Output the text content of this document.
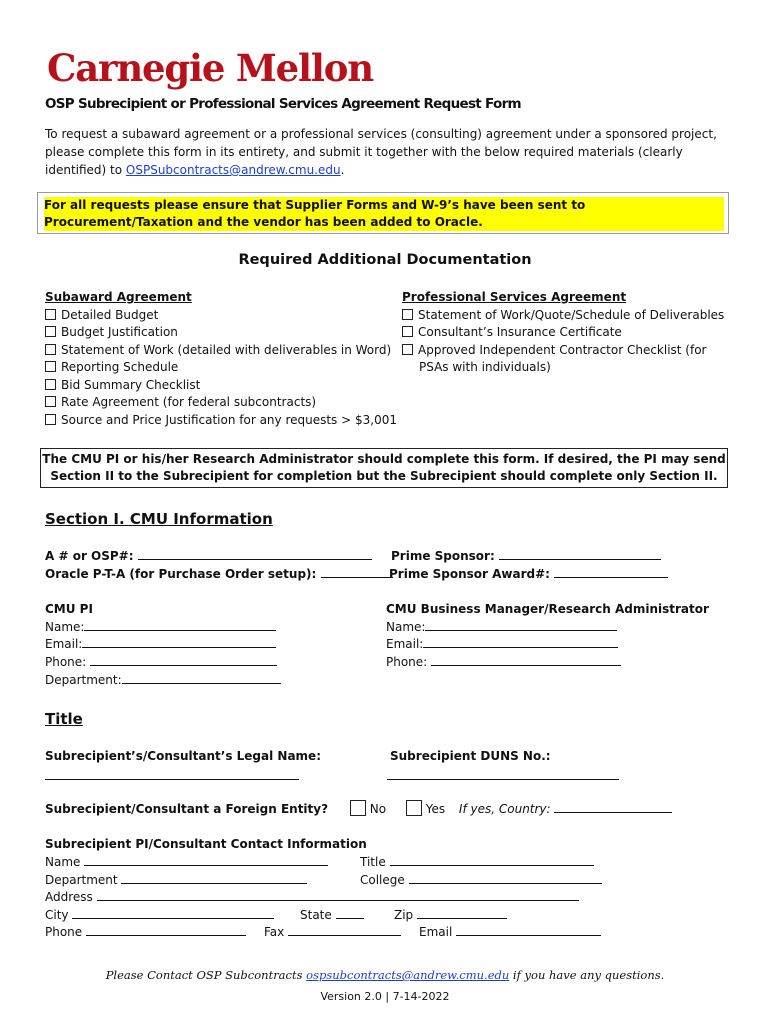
Carnegie Mellon
OSP Subrecipient or Professional Services Agreement Request Form
To request a subaward agreement or a professional services (consulting) agreement under a sponsored project, please complete this form in its entirety, and submit it together with the below required materials (clearly identified) to OSPSubcontracts@andrew.cmu.edu.
For all requests please ensure that Supplier Forms and W-9’s have been sent to Procurement/Taxation and the vendor has been added to Oracle.
Required Additional Documentation
Subaward Agreement
Detailed Budget
Budget Justification
Statement of Work (detailed with deliverables in Word)
Reporting Schedule
Bid Summary Checklist
Rate Agreement (for federal subcontracts)
Source and Price Justification for any requests > $3,001
Professional Services Agreement
Statement of Work/Quote/Schedule of Deliverables
Consultant’s Insurance Certificate
Approved Independent Contractor Checklist (for
PSAs with individuals)
The CMU PI or his/her Research Administrator should complete this form. If desired, the PI may send
Section II to the Subrecipient for completion but the Subrecipient should complete only Section II.
Section I. CMU Information
A # or OSP#:
Oracle P-T-A (for Purchase Order setup):
Prime Sponsor:
Prime Sponsor Award#:
CMU PI
Name:
Email:
Phone:
Department:
CMU Business Manager/Research Administrator
Name:
Email:
Phone:
Title
Subrecipient’s/Consultant’s Legal Name:	Subrecipient DUNS No.:
Subrecipient/Consultant a Foreign Entity?	No	Yes If yes, Country:
Subrecipient PI/Consultant Contact Information
Name	Title
Department	College
Address
City	State	Zip
Phone	Fax	Email
Please Contact OSP Subcontracts ospsubcontracts@andrew.cmu.edu if you have any questions.
Version 2.0 | 7-14-2022
